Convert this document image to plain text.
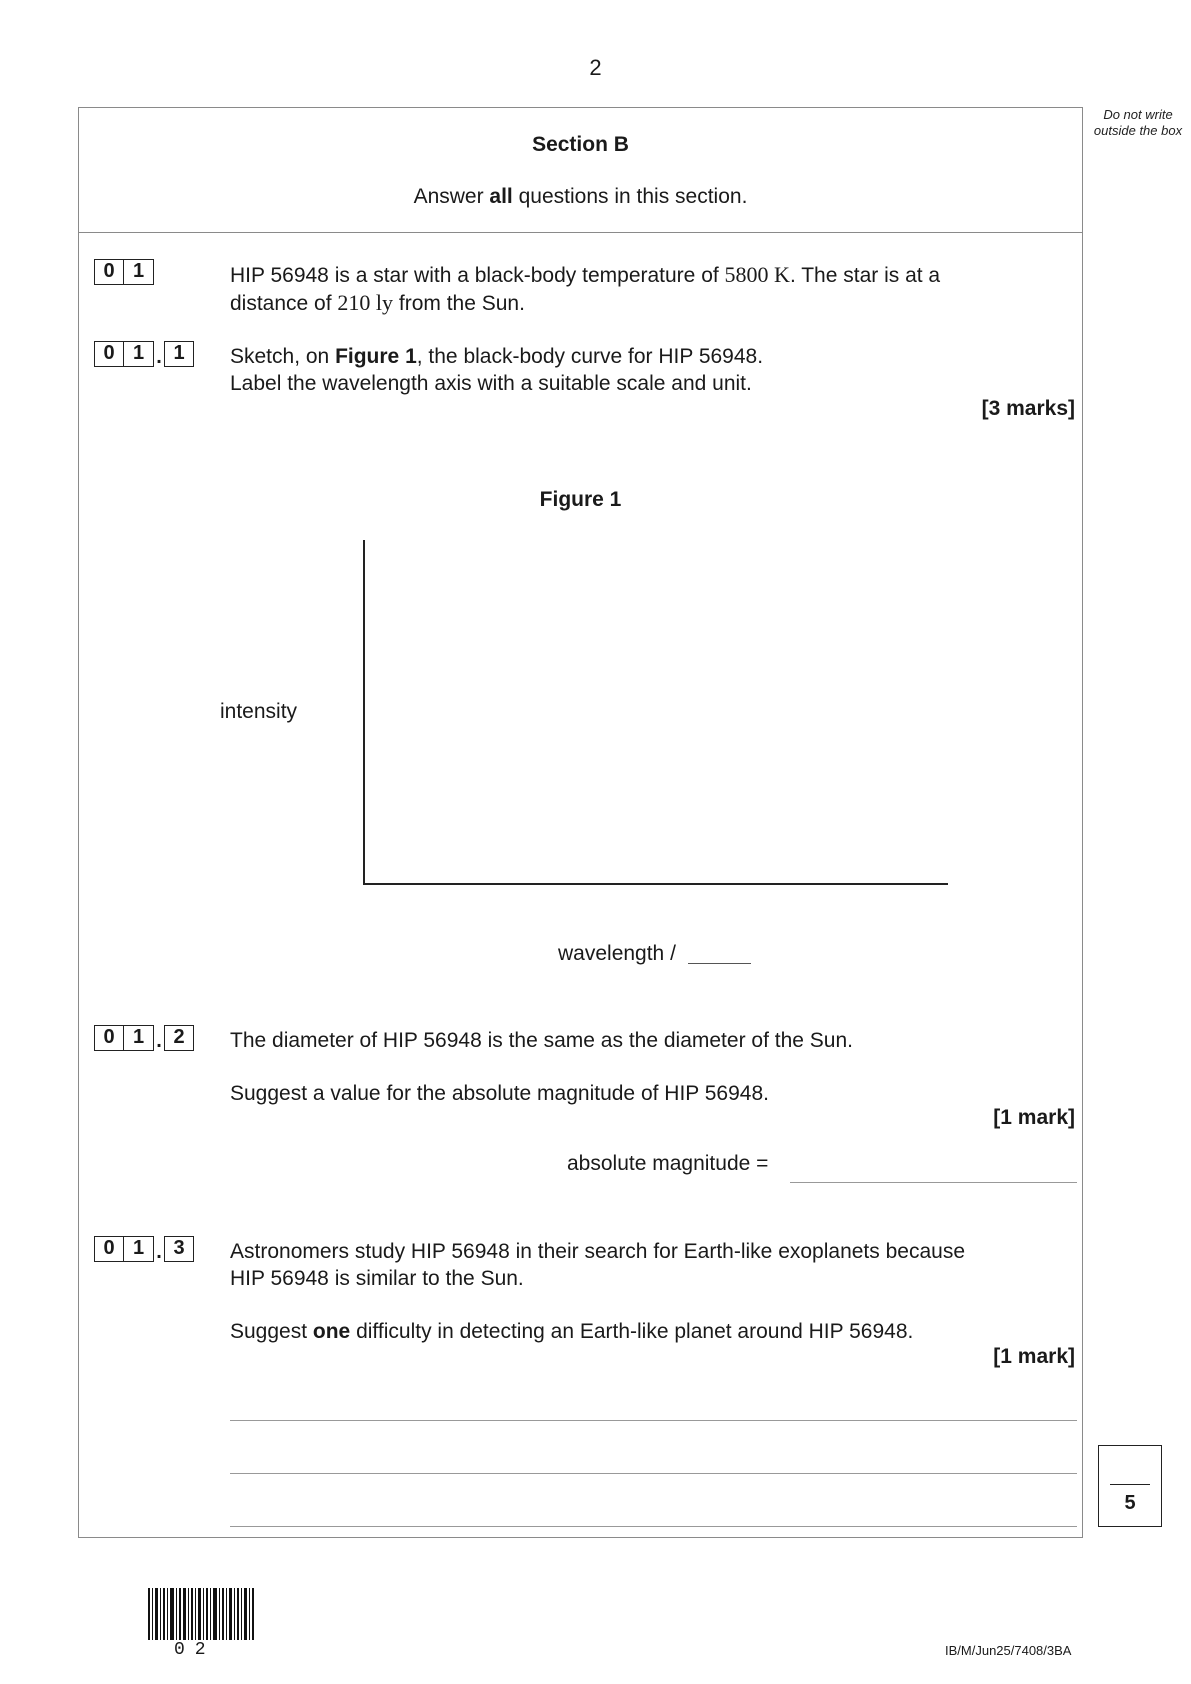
2
Do not write outside the box
Section B
Answer all questions in this section.
0 1	HIP 56948 is a star with a black-body temperature of 5800 K. The star is at a
distance of 210 ly from the Sun.
0 1 . 1	Sketch, on Figure 1, the black-body curve for HIP 56948.
Label the wavelength axis with a suitable scale and unit.
[3 marks]
Figure 1
intensity
wavelength /
0 1 . 2	The diameter of HIP 56948 is the same as the diameter of the Sun.
Suggest a value for the absolute magnitude of HIP 56948.
[1 mark]
absolute magnitude =
0 1 . 3	Astronomers study HIP 56948 in their search for Earth-like exoplanets because
HIP 56948 is similar to the Sun.
Suggest one difficulty in detecting an Earth-like planet around HIP 56948.
[1 mark]
5
02	IB/M/Jun25/7408/3BA
